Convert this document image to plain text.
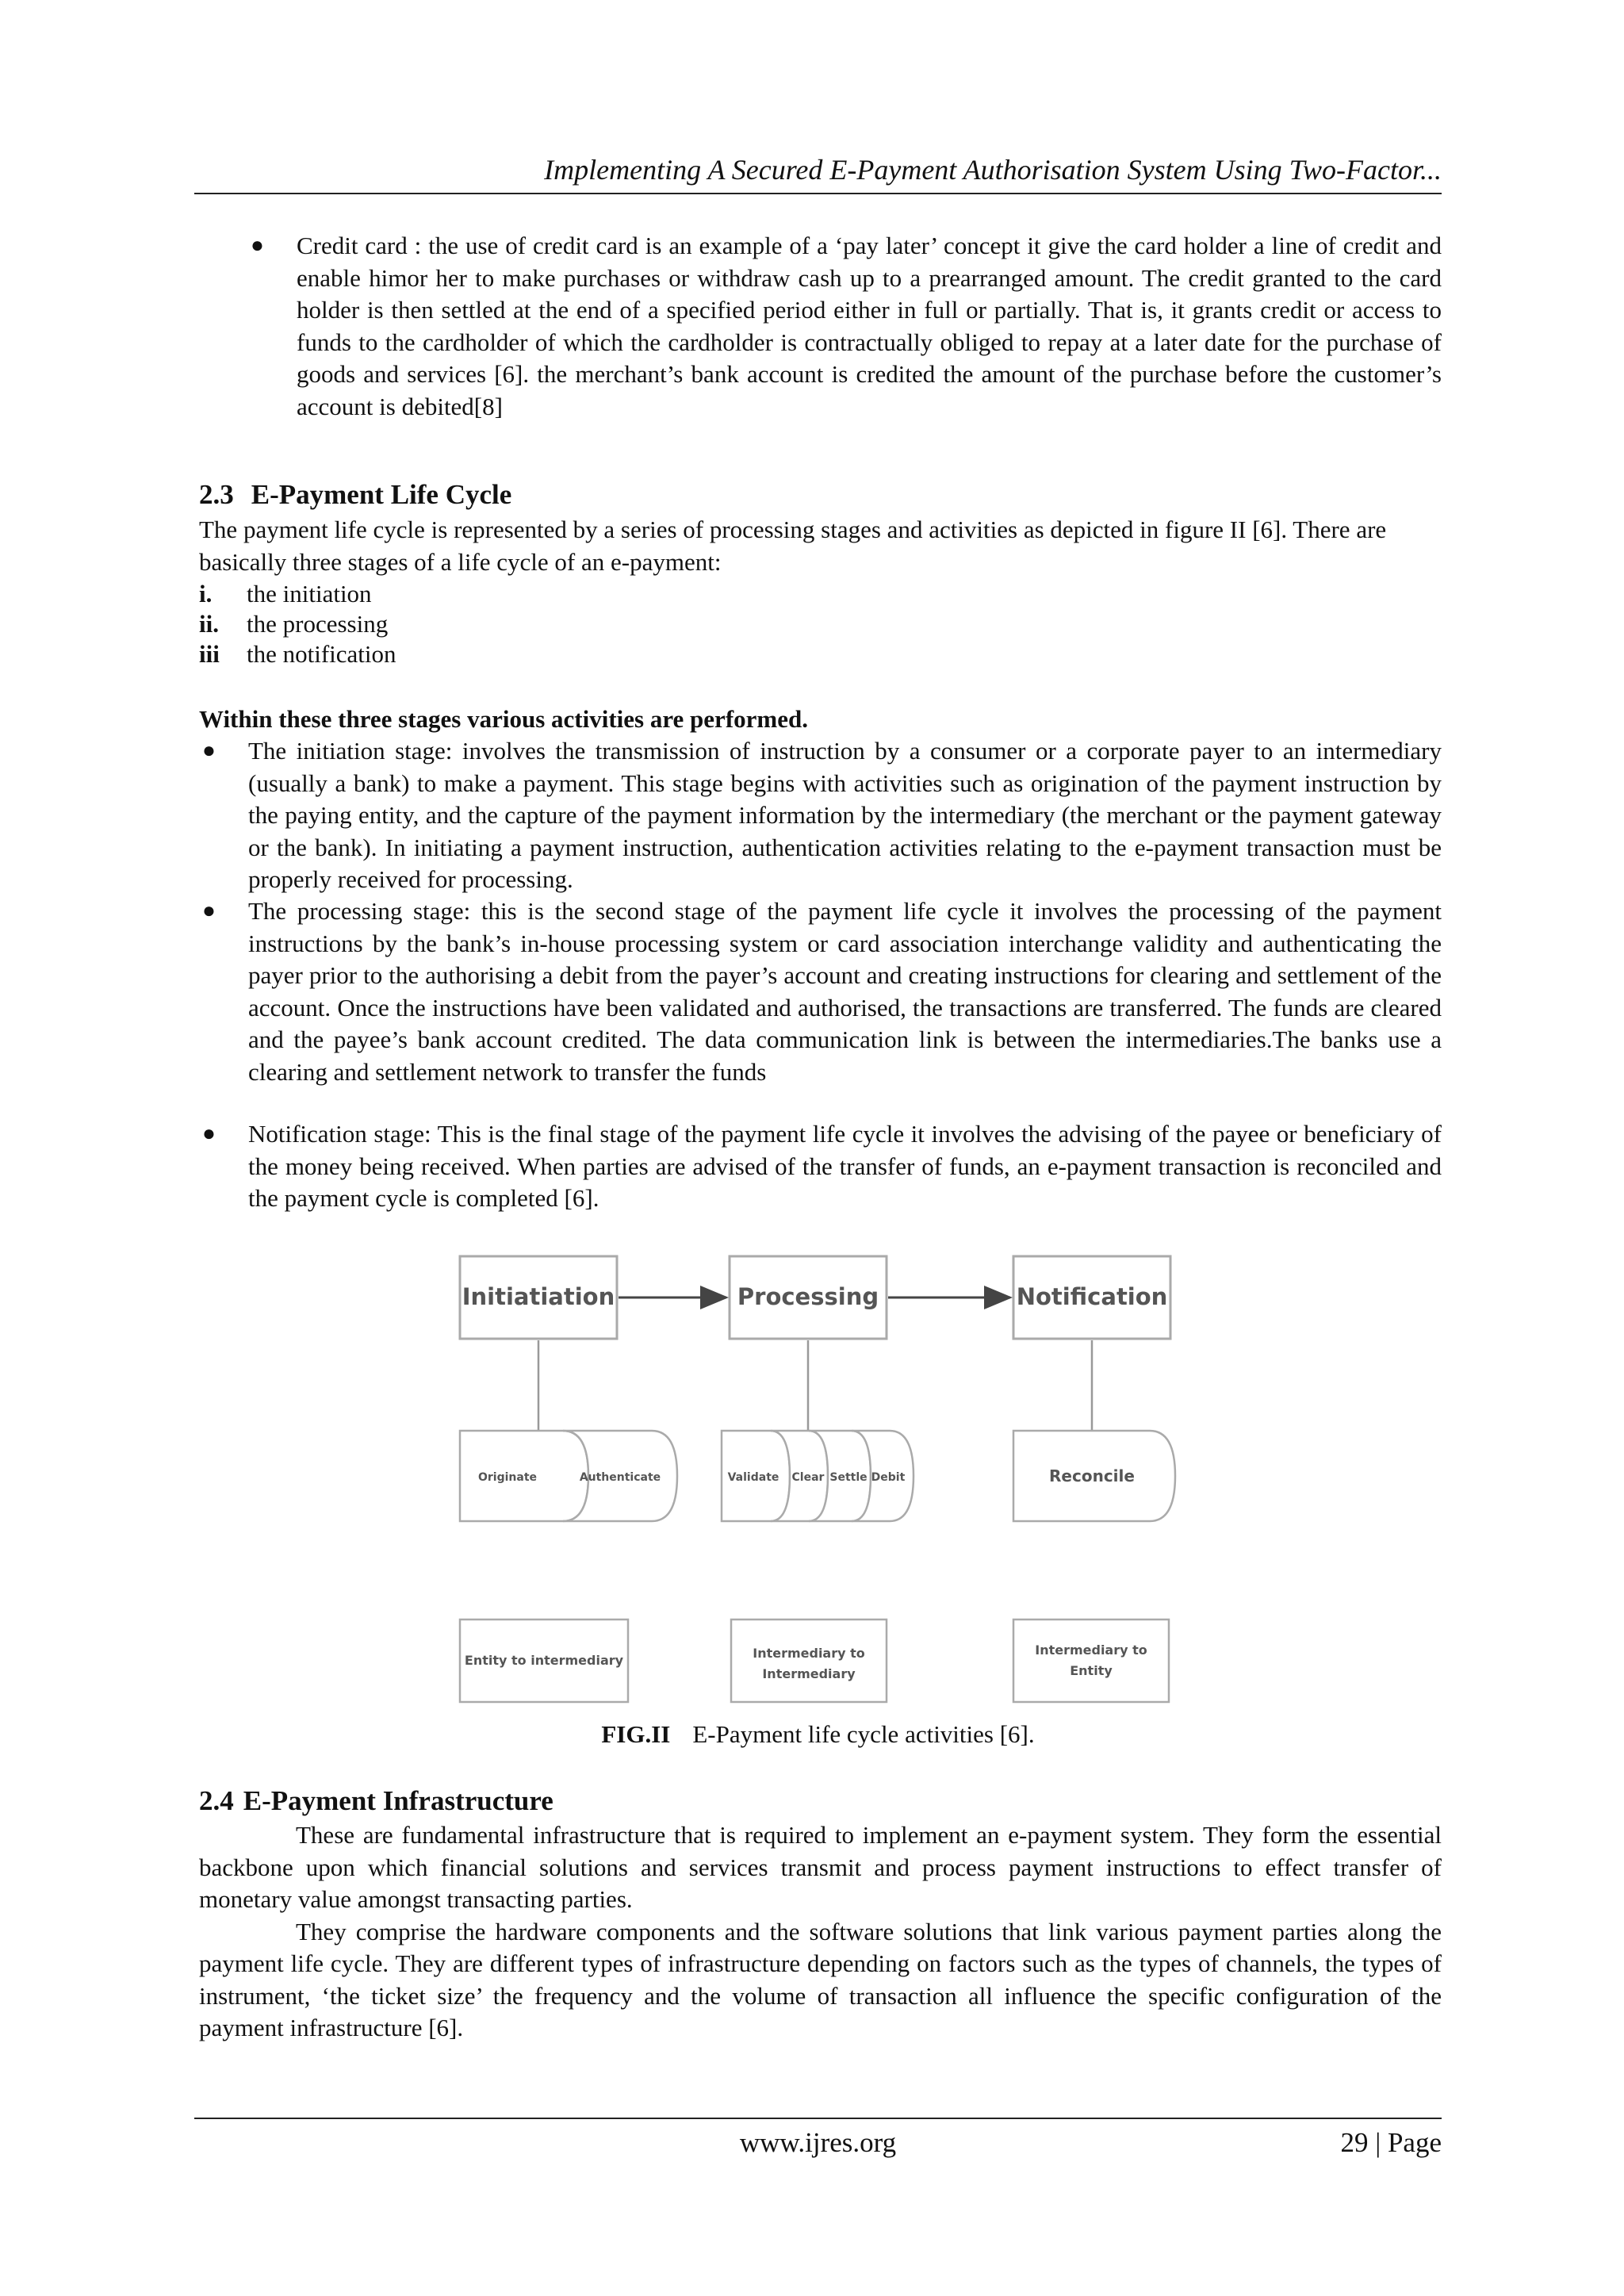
Implementing A Secured E-Payment Authorisation System Using Two-Factor...
● Credit card : the use of credit card is an example of a ‘pay later’ concept it give the card holder a line of credit and enable himor her to make purchases or withdraw cash up to a prearranged amount. The credit granted to the card holder is then settled at the end of a specified period either in full or partially. That is, it grants credit or access to funds to the cardholder of which the cardholder is contractually obliged to repay at a later date for the purchase of goods and services [6]. the merchant’s bank account is credited the amount of the purchase before the customer’s account is debited[8]

2.3 E-Payment Life Cycle

The payment life cycle is represented by a series of processing stages and activities as depicted in figure II [6]. There are basically three stages of a life cycle of an e-payment:

i. the initiation
ii. the processing
iii the notification
Within these three stages various activities are performed.
● The initiation stage: involves the transmission of instruction by a consumer or a corporate payer to an intermediary (usually a bank) to make a payment. This stage begins with activities such as origination of the payment instruction by the paying entity, and the capture of the payment information by the intermediary (the merchant or the payment gateway or the bank). In initiating a payment instruction, authentication activities relating to the e-payment transaction must be properly received for processing.

● The processing stage: this is the second stage of the payment life cycle it involves the processing of the payment instructions by the bank’s in-house processing system or card association interchange validity and authenticating the payer prior to the authorising a debit from the payer’s account and creating instructions for clearing and settlement of the account. Once the instructions have been validated and authorised, the transactions are transferred. The funds are cleared and the payee’s bank account credited. The data communication link is between the intermediaries.The banks use a clearing and settlement network to transfer the funds

● Notification stage: This is the final stage of the payment life cycle it involves the advising of the payee or beneficiary of the money being received. When parties are advised of the transfer of funds, an e-payment transaction is reconciled and the payment cycle is completed [6].

Initiatiation	Processing	Notification
Originate	Authenticate	Validate Clear Settle Debit	Reconcile
Entity to intermediary	Intermediary to
Intermediary
Intermediary to
Entity
FIG.II E-Payment life cycle activities [6].
2.4 E-Payment Infrastructure

These are fundamental infrastructure that is required to implement an e-payment system. They form the essential backbone upon which financial solutions and services transmit and process payment instructions to effect transfer of monetary value amongst transacting parties.

They comprise the hardware components and the software solutions that link various payment parties along the payment life cycle. They are different types of infrastructure depending on factors such as the types of channels, the types of instrument, ‘the ticket size’ the frequency and the volume of transaction all influence the specific configuration of the payment infrastructure [6].

www.ijres.org	29 | Page
